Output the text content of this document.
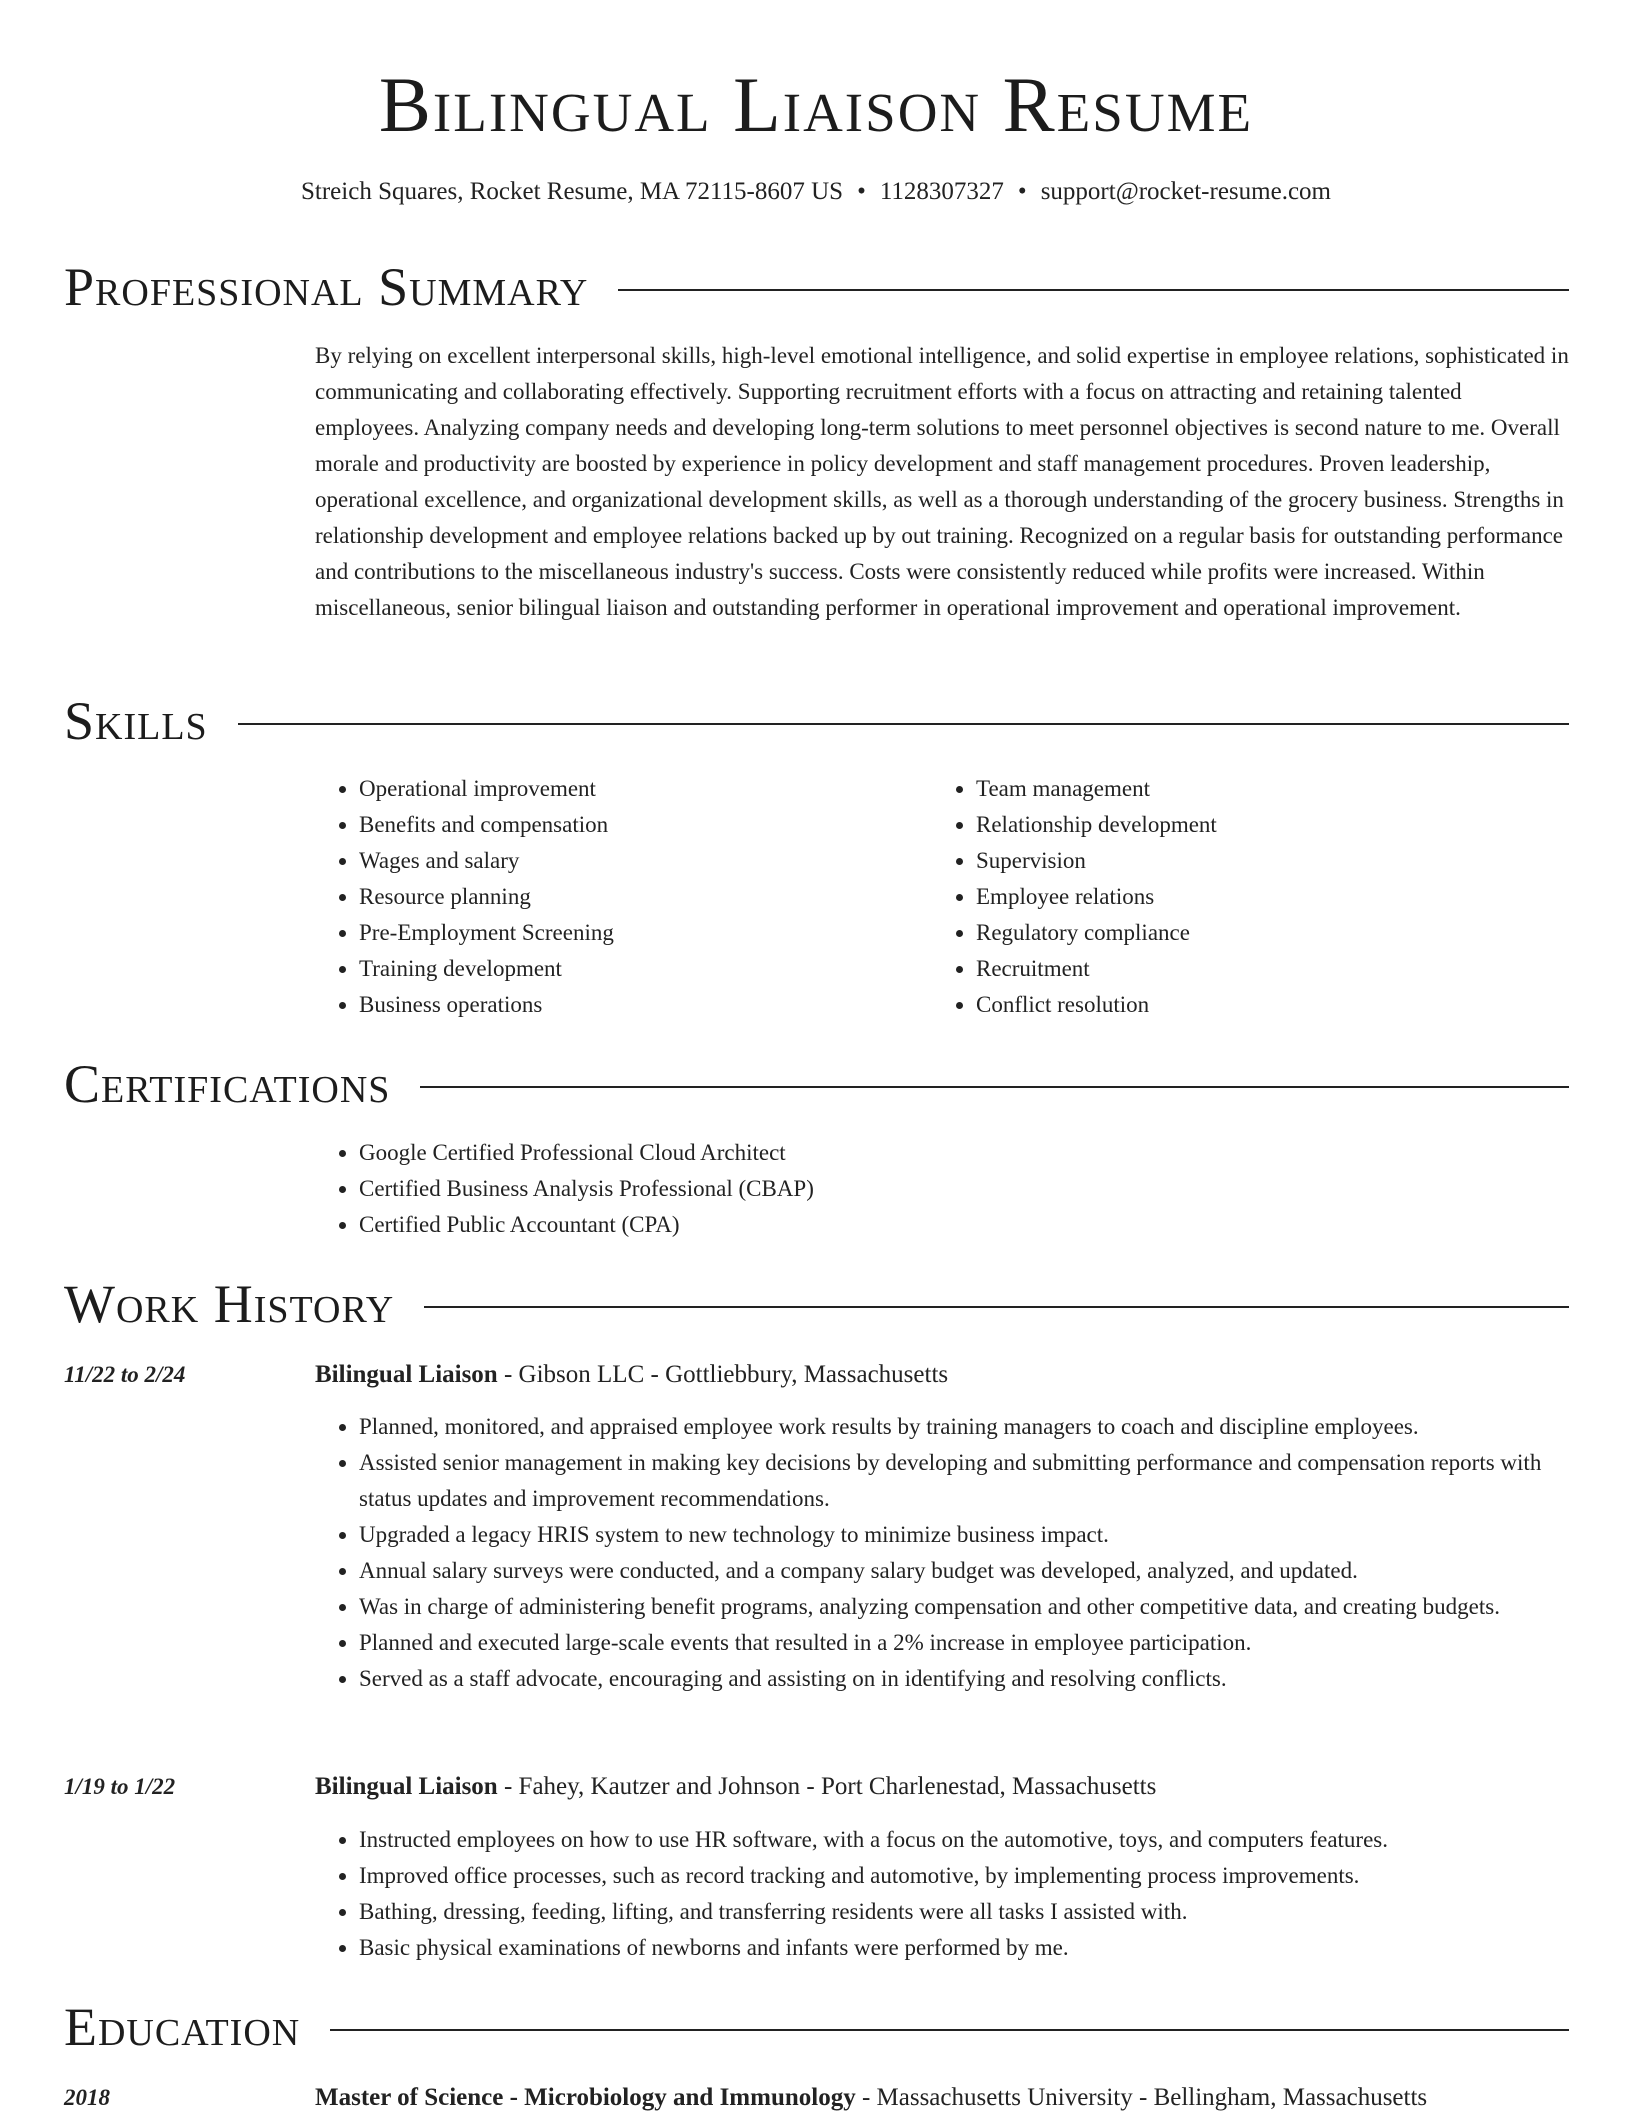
Bilingual Liaison Resume
Streich Squares, Rocket Resume, MA 72115-8607 US • 1128307327 • support@rocket-resume.com
Professional Summary

By relying on excellent interpersonal skills, high-level emotional intelligence, and solid expertise in employee relations, sophisticated in communicating and collaborating effectively. Supporting recruitment efforts with a focus on attracting and retaining talented employees. Analyzing company needs and developing long-term solutions to meet personnel objectives is second nature to me. Overall morale and productivity are boosted by experience in policy development and staff management procedures. Proven leadership, operational excellence, and organizational development skills, as well as a thorough understanding of the grocery business. Strengths in relationship development and employee relations backed up by out training. Recognized on a regular basis for outstanding performance and contributions to the miscellaneous industry's success. Costs were consistently reduced while profits were increased. Within miscellaneous, senior bilingual liaison and outstanding performer in operational improvement and operational improvement.

Skills
• Operational improvement
• Benefits and compensation
• Wages and salary
• Resource planning
• Pre-Employment Screening
• Training development
• Business operations
• Team management
• Relationship development
• Supervision
• Employee relations
• Regulatory compliance
• Recruitment
• Conflict resolution
Certifications
• Google Certified Professional Cloud Architect
• Certified Business Analysis Professional (CBAP)
• Certified Public Accountant (CPA)
Work History
11/22 to 2/24	Bilingual Liaison - Gibson LLC - Gottliebbury, Massachusetts
• Planned, monitored, and appraised employee work results by training managers to coach and discipline employees.
• Assisted senior management in making key decisions by developing and submitting performance and compensation reports with status updates and improvement recommendations.
• Upgraded a legacy HRIS system to new technology to minimize business impact.
• Annual salary surveys were conducted, and a company salary budget was developed, analyzed, and updated.
• Was in charge of administering benefit programs, analyzing compensation and other competitive data, and creating budgets.
• Planned and executed large-scale events that resulted in a 2% increase in employee participation.
• Served as a staff advocate, encouraging and assisting on in identifying and resolving conflicts.
1/19 to 1/22	Bilingual Liaison - Fahey, Kautzer and Johnson - Port Charlenestad, Massachusetts
• Instructed employees on how to use HR software, with a focus on the automotive, toys, and computers features.
• Improved office processes, such as record tracking and automotive, by implementing process improvements.
• Bathing, dressing, feeding, lifting, and transferring residents were all tasks I assisted with.
• Basic physical examinations of newborns and infants were performed by me.
Education
2018	Master of Science - Microbiology and Immunology - Massachusetts University - Bellingham, Massachusetts
